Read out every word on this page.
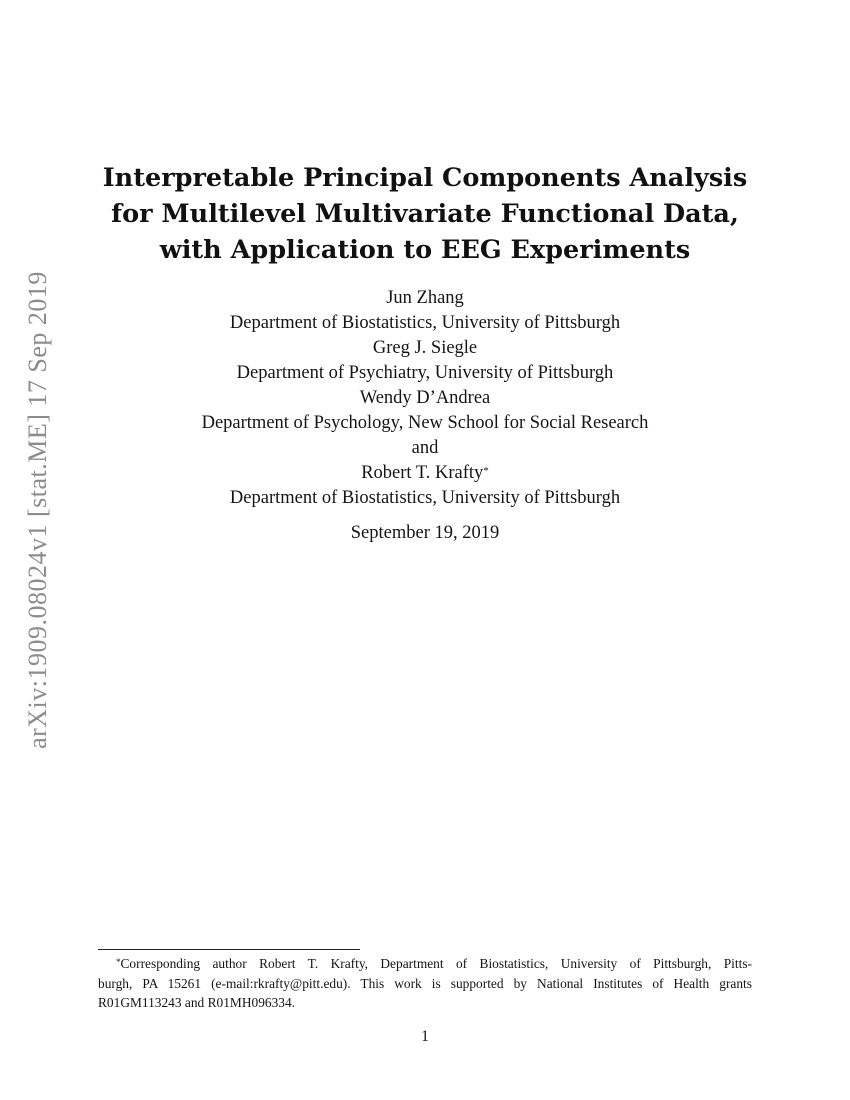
arXiv:1909.08024v1 [stat.ME] 17 Sep 2019
Interpretable Principal Components Analysis
for Multilevel Multivariate Functional Data,
with Application to EEG Experiments
Jun Zhang
Department of Biostatistics, University of Pittsburgh
Greg J. Siegle
Department of Psychiatry, University of Pittsburgh
Wendy D’Andrea
Department of Psychology, New School for Social Research
and
Robert T. Krafty*
Department of Biostatistics, University of Pittsburgh
September 19, 2019
*Corresponding author Robert T. Krafty, Department of Biostatistics, University of Pittsburgh, Pitts-
burgh, PA 15261 (e-mail:rkrafty@pitt.edu). This work is supported by National Institutes of Health grants
R01GM113243 and R01MH096334.
1
